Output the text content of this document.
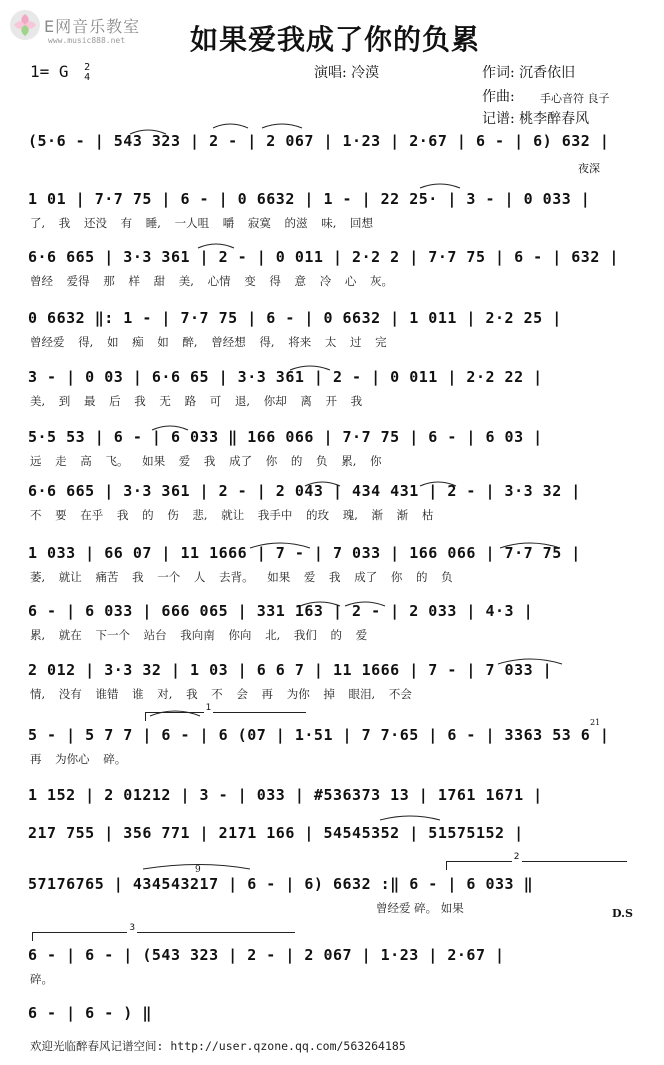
E网音乐教室
www.music888.net 如果爱我成了你的负累
1= G 2
4	演唱: 冷漠	作词: 沉香依旧
作曲: 手心音符 良子
记谱: 桃李醉春风
(5·6 - | 543 323 | 2 - | 2 067 | 1·23 | 2·67 | 6 - | 6) 632 |
夜深
1 01 | 7·7 75 | 6 - | 0 6632 | 1 - | 22 25· | 3 - | 0 033 |
了, 我 还没 有 睡, 一人咀 嚼 寂寞 的滋 味, 回想
6·6 665 | 3·3 361 | 2 - | 0 011 | 2·2 2 | 7·7 75 | 6 - | 632 |
曾经 爱得 那 样 甜 美, 心情 变 得 意 冷 心 灰。
0 6632 ‖: 1 - | 7·7 75 | 6 - | 0 6632 | 1 011 | 2·2 25 |
曾经爱 得, 如 痴 如 醉, 曾经想 得, 将来 太 过 完
3 - | 0 03 | 6·6 65 | 3·3 361 | 2 - | 0 011 | 2·2 22 |
美, 到 最 后 我 无 路 可 退, 你却 离 开 我
5·5 53 | 6 - | 6 033 ‖ 166 066 | 7·7 75 | 6 - | 6 03 |
远 走 高 飞。 如果 爱 我 成了 你 的 负 累, 你
6·6 665 | 3·3 361 | 2 - | 2 043 | 434 431 | 2 - | 3·3 32 |
不 要 在乎 我 的 伤 悲, 就让 我手中 的玫 瑰, 渐 渐 枯
1 033 | 66 07 | 11 1666 | 7 - | 7 033 | 166 066 | 7·7 75 |
萎, 就让 痛苦 我 一个 人 去背。 如果 爱 我 成了 你 的 负
6 - | 6 033 | 666 065 | 331 163 | 2 - | 2 033 | 4·3 |
累, 就在 下一个 站台 我向南 你向 北, 我们 的 爱
2 012 | 3·3 32 | 1 03 | 6 6 7 | 11 1666 | 7 - | 7 033 |
情, 没有 谁错 谁 对, 我 不 会 再 为你 掉 眼泪, 不会
1
21
5 - | 5 7 7 | 6 - | 6 (07 | 1·51 | 7 7·65 | 6 - | 3363 53 6 |
再 为你心 碎。
1 152 | 2 01212 | 3 - | 033 | #536373 13 | 1761 1671 |
217 755 | 356 771 | 2171 166 | 54545352 | 51575152 |
9
2
57176765 | 434543217 | 6 - | 6) 6632 :‖ 6 - | 6 033 ‖
曾经爱 碎。 如果	D.S
3
6 - | 6 - | (543 323 | 2 - | 2 067 | 1·23 | 2·67 |
碎。
6 - | 6 - ) ‖
欢迎光临醉春风记谱空间: http://user.qzone.qq.com/563264185
